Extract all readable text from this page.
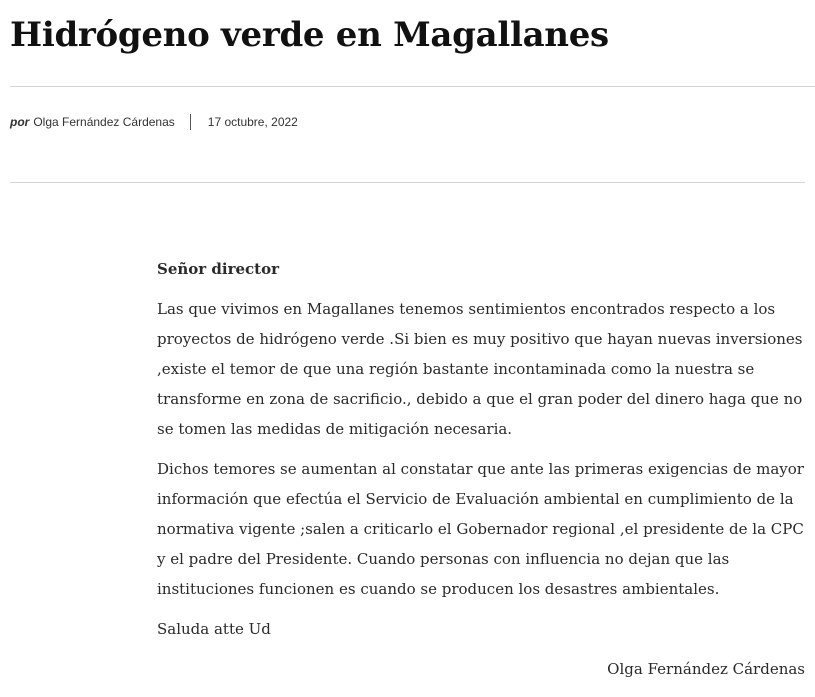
Hidrógeno verde en Magallanes
por Olga Fernández Cárdenas	17 octubre, 2022

Señor director

Las que vivimos en Magallanes tenemos sentimientos encontrados respecto a los proyectos de hidrógeno verde .Si bien es muy positivo que hayan nuevas inversiones ,existe el temor de que una región bastante incontaminada como la nuestra se transforme en zona de sacrificio., debido a que el gran poder del dinero haga que no se tomen las medidas de mitigación necesaria.

Dichos temores se aumentan al constatar que ante las primeras exigencias de mayor información que efectúa el Servicio de Evaluación ambiental en cumplimiento de la normativa vigente ;salen a criticarlo el Gobernador regional ,el presidente de la CPC y el padre del Presidente. Cuando personas con influencia no dejan que las instituciones funcionen es cuando se producen los desastres ambientales.

Saluda atte Ud

Olga Fernández Cárdenas
